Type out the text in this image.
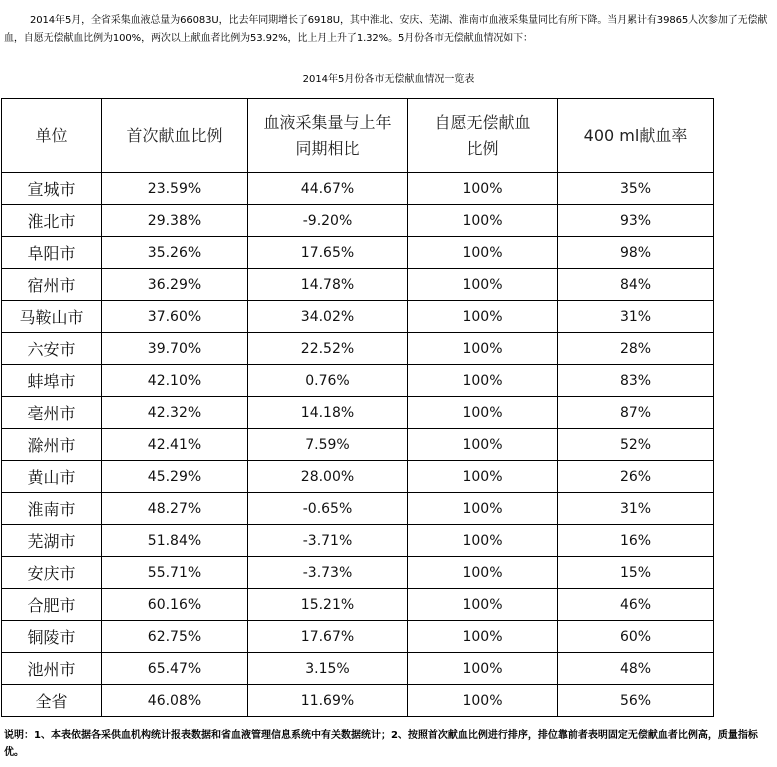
2014年5月，全省采集血液总量为66083U，比去年同期增长了6918U，其中淮北、安庆、芜湖、淮南市血液采集量同比有所下降。当月累计有39865人次参加了无偿献血，自愿无偿献血比例为100%，两次以上献血者比例为53.92%，比上月上升了1.32%。5月份各市无偿献血情况如下：

2014年5月份各市无偿献血情况一览表

单位	首次献血比例	血液采集量与上年同期相比	自愿无偿献血比例	400 ml献血率
宣城市	23.59%	44.67%	100%	35%
淮北市	29.38%	-9.20%	100%	93%
阜阳市	35.26%	17.65%	100%	98%
宿州市	36.29%	14.78%	100%	84%
马鞍山市	37.60%	34.02%	100%	31%
六安市	39.70%	22.52%	100%	28%
蚌埠市	42.10%	0.76%	100%	83%
亳州市	42.32%	14.18%	100%	87%
滁州市	42.41%	7.59%	100%	52%
黄山市	45.29%	28.00%	100%	26%
淮南市	48.27%	-0.65%	100%	31%
芜湖市	51.84%	-3.71%	100%	16%
安庆市	55.71%	-3.73%	100%	15%
合肥市	60.16%	15.21%	100%	46%
铜陵市	62.75%	17.67%	100%	60%
池州市	65.47%	3.15%	100%	48%
全省	46.08%	11.69%	100%	56%

说明：1、本表依据各采供血机构统计报表数据和省血液管理信息系统中有关数据统计；2、按照首次献血比例进行排序，排位靠前者表明固定无偿献血者比例高，质量指标优。
